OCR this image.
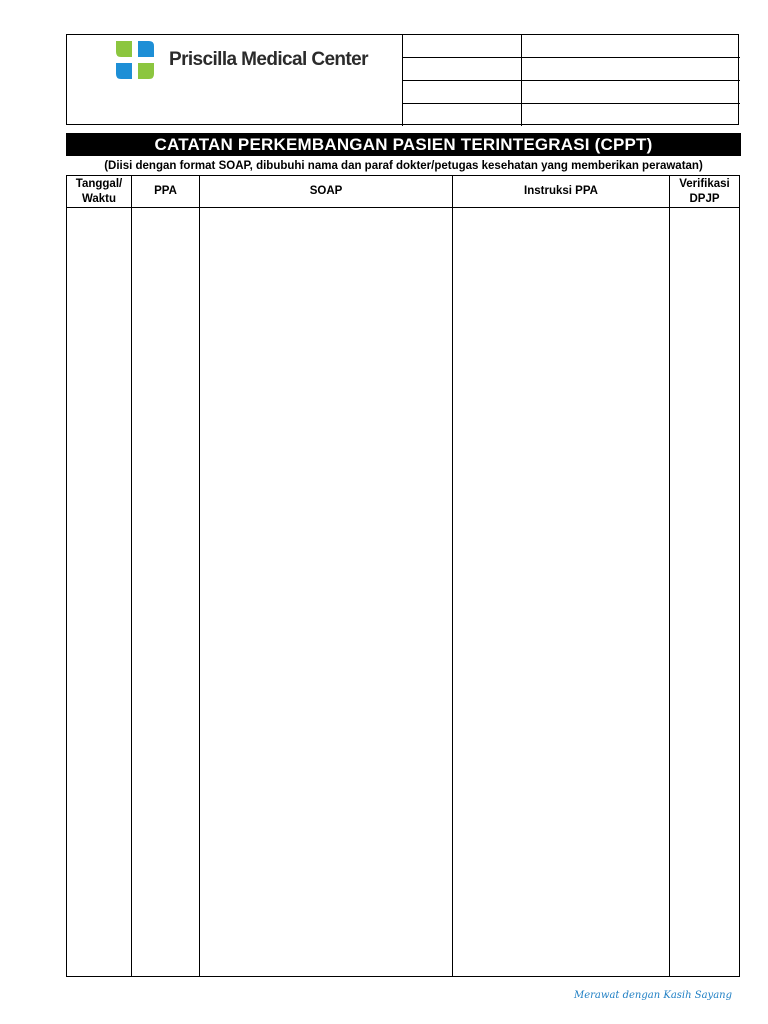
Priscilla Medical Center

CATATAN PERKEMBANGAN PASIEN TERINTEGRASI (CPPT)
(Diisi dengan format SOAP, dibubuhi nama dan paraf dokter/petugas kesehatan yang memberikan perawatan)
Tanggal/
Waktu	PPA	SOAP	Instruksi PPA	Verifikasi
DPJP

Merawat dengan Kasih Sayang
